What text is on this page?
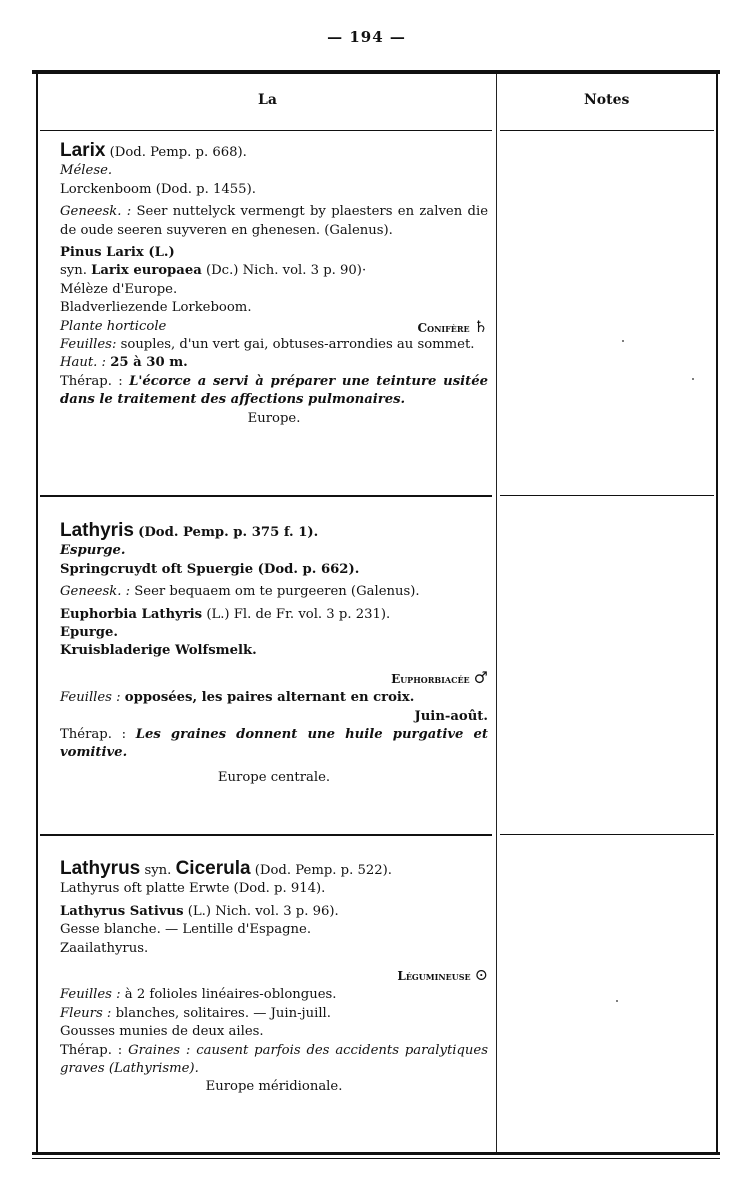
— 194 —
La	Notes
Larix (Dod. Pemp. p. 668).
Mélese.
Lorckenboom (Dod. p. 1455).
Geneesk. : Seer nuttelyck vermengt by plaesters en zalven die de oude seeren suyveren en ghenesen. (Galenus).
Pinus Larix (L.)
syn. Larix europaea (Dc.) Nich. vol. 3 p. 90)·
Mélèze d'Europe.
Bladverliezende Lorkeboom.
Plante horticole	Conifère ♄
Feuilles: souples, d'un vert gai, obtuses-arrondies au sommet.
Haut. : 25 à 30 m.
Thérap. : L'écorce a servi à préparer une teinture usitée dans le traitement des affections pulmonaires.
Europe.
Lathyris (Dod. Pemp. p. 375 f. 1).
Espurge.
Springcruydt oft Spuergie (Dod. p. 662).
Geneesk. : Seer bequaem om te purgeeren (Galenus).
Euphorbia Lathyris (L.) Fl. de Fr. vol. 3 p. 231).
Epurge.
Kruisbladerige Wolfsmelk.
Euphorbiacée ♂
Feuilles : opposées, les paires alternant en croix.
Juin-août.
Thérap. : Les graines donnent une huile purgative et vomitive.
Europe centrale.
Lathyrus syn. Cicerula (Dod. Pemp. p. 522).
Lathyrus oft platte Erwte (Dod. p. 914).
Lathyrus Sativus (L.) Nich. vol. 3 p. 96).
Gesse blanche. — Lentille d'Espagne.
Zaailathyrus.
Légumineuse ⊙
Feuilles : à 2 folioles linéaires-oblongues.
Fleurs : blanches, solitaires. — Juin-juill.
Gousses munies de deux ailes.
Thérap. : Graines : causent parfois des accidents paralytiques graves (Lathyrisme).
Europe méridionale.
